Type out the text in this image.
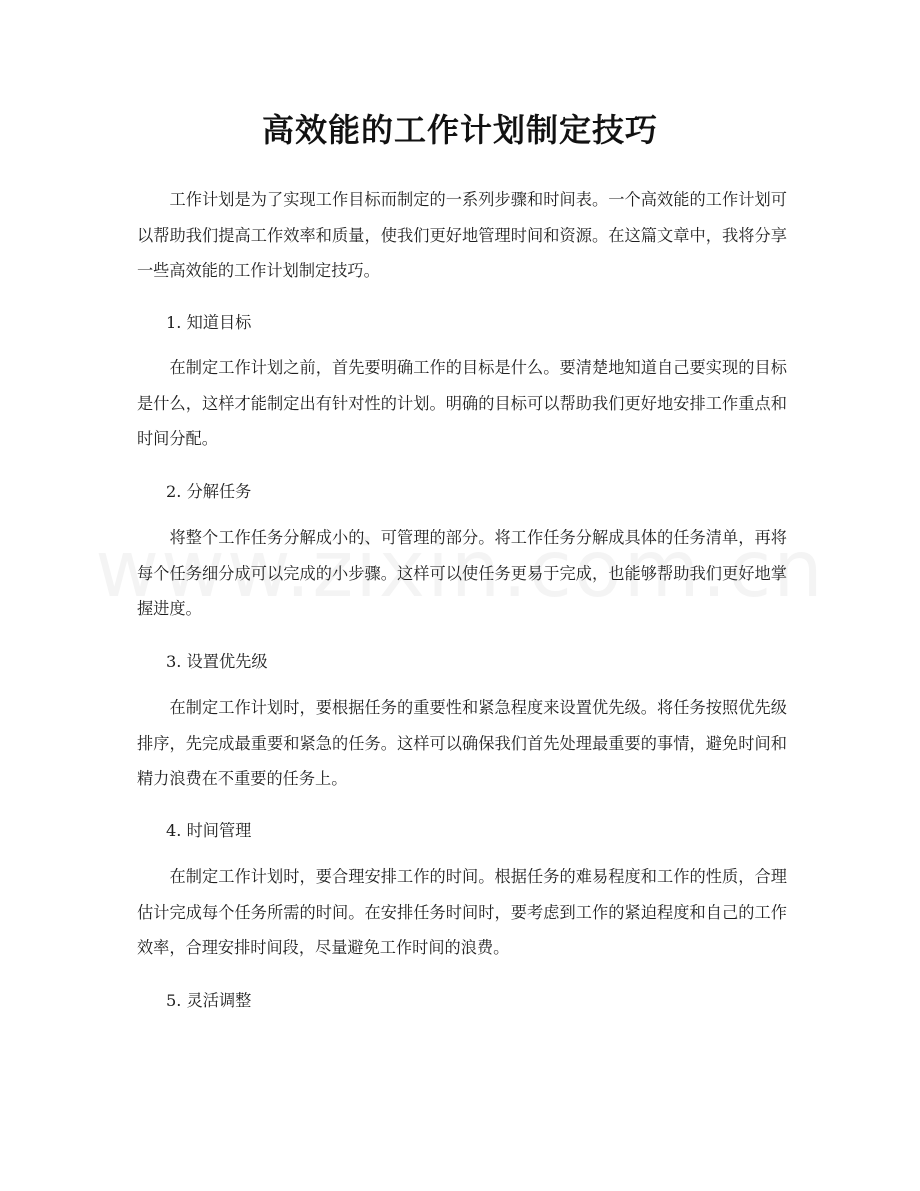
高效能的工作计划制定技巧

工作计划是为了实现工作目标而制定的一系列步骤和时间表。一个高效能的工作计划可以帮助我们提高工作效率和质量，使我们更好地管理时间和资源。在这篇文章中，我将分享一些高效能的工作计划制定技巧。

1. 知道目标

在制定工作计划之前，首先要明确工作的目标是什么。要清楚地知道自己要实现的目标是什么，这样才能制定出有针对性的计划。明确的目标可以帮助我们更好地安排工作重点和时间分配。

2. 分解任务

将整个工作任务分解成小的、可管理的部分。将工作任务分解成具体的任务清单，再将每个任务细分成可以完成的小步骤。这样可以使任务更易于完成，也能够帮助我们更好地掌握进度。

3. 设置优先级

在制定工作计划时，要根据任务的重要性和紧急程度来设置优先级。将任务按照优先级排序，先完成最重要和紧急的任务。这样可以确保我们首先处理最重要的事情，避免时间和精力浪费在不重要的任务上。

4. 时间管理

在制定工作计划时，要合理安排工作的时间。根据任务的难易程度和工作的性质，合理估计完成每个任务所需的时间。在安排任务时间时，要考虑到工作的紧迫程度和自己的工作效率，合理安排时间段，尽量避免工作时间的浪费。

5. 灵活调整
